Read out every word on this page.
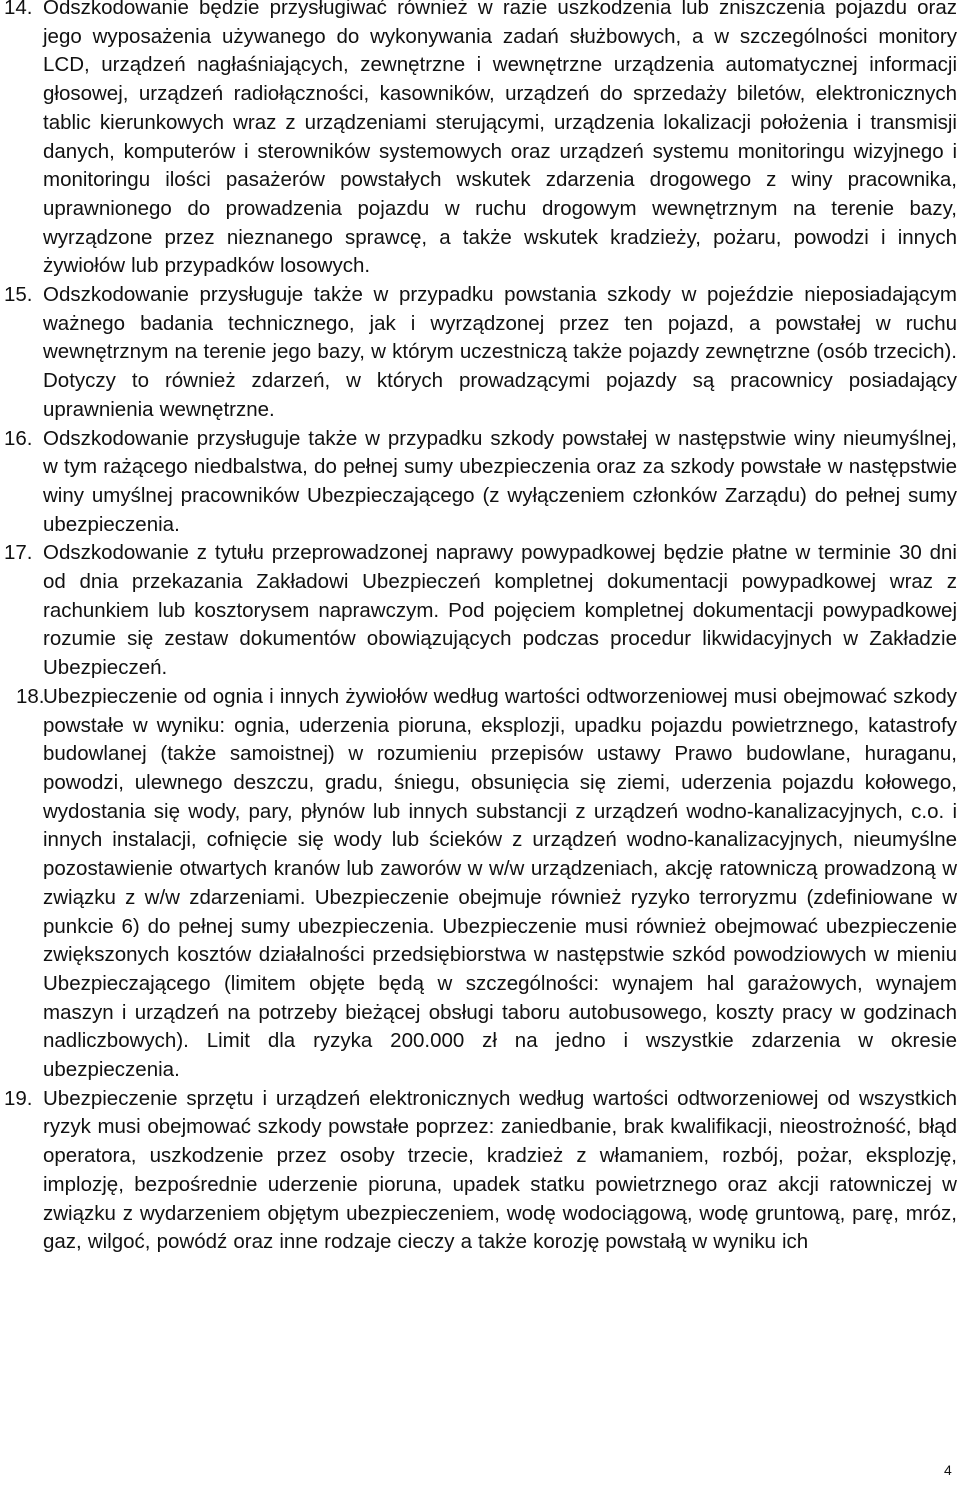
14. Odszkodowanie będzie przysługiwać również w razie uszkodzenia lub zniszczenia pojazdu oraz jego wyposażenia używanego do wykonywania zadań służbowych, a w szczególności monitory LCD, urządzeń nagłaśniających, zewnętrzne i wewnętrzne urządzenia automatycznej informacji głosowej, urządzeń radiołączności, kasowników, urządzeń do sprzedaży biletów, elektronicznych tablic kierunkowych wraz z urządzeniami sterującymi, urządzenia lokalizacji położenia i transmisji danych, komputerów i sterowników systemowych oraz urządzeń systemu monitoringu wizyjnego i monitoringu ilości pasażerów powstałych wskutek zdarzenia drogowego z winy pracownika, uprawnionego do prowadzenia pojazdu w ruchu drogowym wewnętrznym na terenie bazy, wyrządzone przez nieznanego sprawcę, a także wskutek kradzieży, pożaru, powodzi i innych żywiołów lub przypadków losowych.
15. Odszkodowanie przysługuje także w przypadku powstania szkody w pojeździe nieposiadającym ważnego badania technicznego, jak i wyrządzonej przez ten pojazd, a powstałej w ruchu wewnętrznym na terenie jego bazy, w którym uczestniczą także pojazdy zewnętrzne (osób trzecich). Dotyczy to również zdarzeń, w których prowadzącymi pojazdy są pracownicy posiadający uprawnienia wewnętrzne.
16. Odszkodowanie przysługuje także w przypadku szkody powstałej w następstwie winy nieumyślnej, w tym rażącego niedbalstwa, do pełnej sumy ubezpieczenia oraz za szkody powstałe w następstwie winy umyślnej pracowników Ubezpieczającego (z wyłączeniem członków Zarządu) do pełnej sumy ubezpieczenia.
17. Odszkodowanie z tytułu przeprowadzonej naprawy powypadkowej będzie płatne w terminie 30 dni od dnia przekazania Zakładowi Ubezpieczeń kompletnej dokumentacji powypadkowej wraz z rachunkiem lub kosztorysem naprawczym. Pod pojęciem kompletnej dokumentacji powypadkowej rozumie się zestaw dokumentów obowiązujących podczas procedur likwidacyjnych w Zakładzie Ubezpieczeń.
18.
Ubezpieczenie od ognia i innych żywiołów według wartości odtworzeniowej musi obejmować szkody powstałe w wyniku: ognia, uderzenia pioruna, eksplozji, upadku pojazdu powietrznego, katastrofy budowlanej (także samoistnej) w rozumieniu przepisów ustawy Prawo budowlane, huraganu, powodzi, ulewnego deszczu, gradu, śniegu, obsunięcia się ziemi, uderzenia pojazdu kołowego, wydostania się wody, pary, płynów lub innych substancji z urządzeń wodno-kanalizacyjnych, c.o. i innych instalacji, cofnięcie się wody lub ścieków z urządzeń wodno-kanalizacyjnych, nieumyślne pozostawienie otwartych kranów lub zaworów w w/w urządzeniach, akcję ratowniczą prowadzoną w związku z w/w zdarzeniami. Ubezpieczenie obejmuje również ryzyko terroryzmu (zdefiniowane w punkcie 6) do pełnej sumy ubezpieczenia. Ubezpieczenie musi również obejmować ubezpieczenie zwiększonych kosztów działalności przedsiębiorstwa w następstwie szkód powodziowych w mieniu Ubezpieczającego (limitem objęte będą w szczególności: wynajem hal garażowych, wynajem maszyn i urządzeń na potrzeby bieżącej obsługi taboru autobusowego, koszty pracy w godzinach nadliczbowych). Limit dla ryzyka 200.000 zł na jedno i wszystkie zdarzenia w okresie ubezpieczenia.
19. Ubezpieczenie sprzętu i urządzeń elektronicznych według wartości odtworzeniowej od wszystkich ryzyk musi obejmować szkody powstałe poprzez: zaniedbanie, brak kwalifikacji, nieostrożność, błąd operatora, uszkodzenie przez osoby trzecie, kradzież z włamaniem, rozbój, pożar, eksplozję, implozję, bezpośrednie uderzenie pioruna, upadek statku powietrznego oraz akcji ratowniczej w związku z wydarzeniem objętym ubezpieczeniem, wodę wodociągową, wodę gruntową, parę, mróz, gaz, wilgoć, powódź oraz inne rodzaje cieczy a także korozję powstałą w wyniku ich
4
